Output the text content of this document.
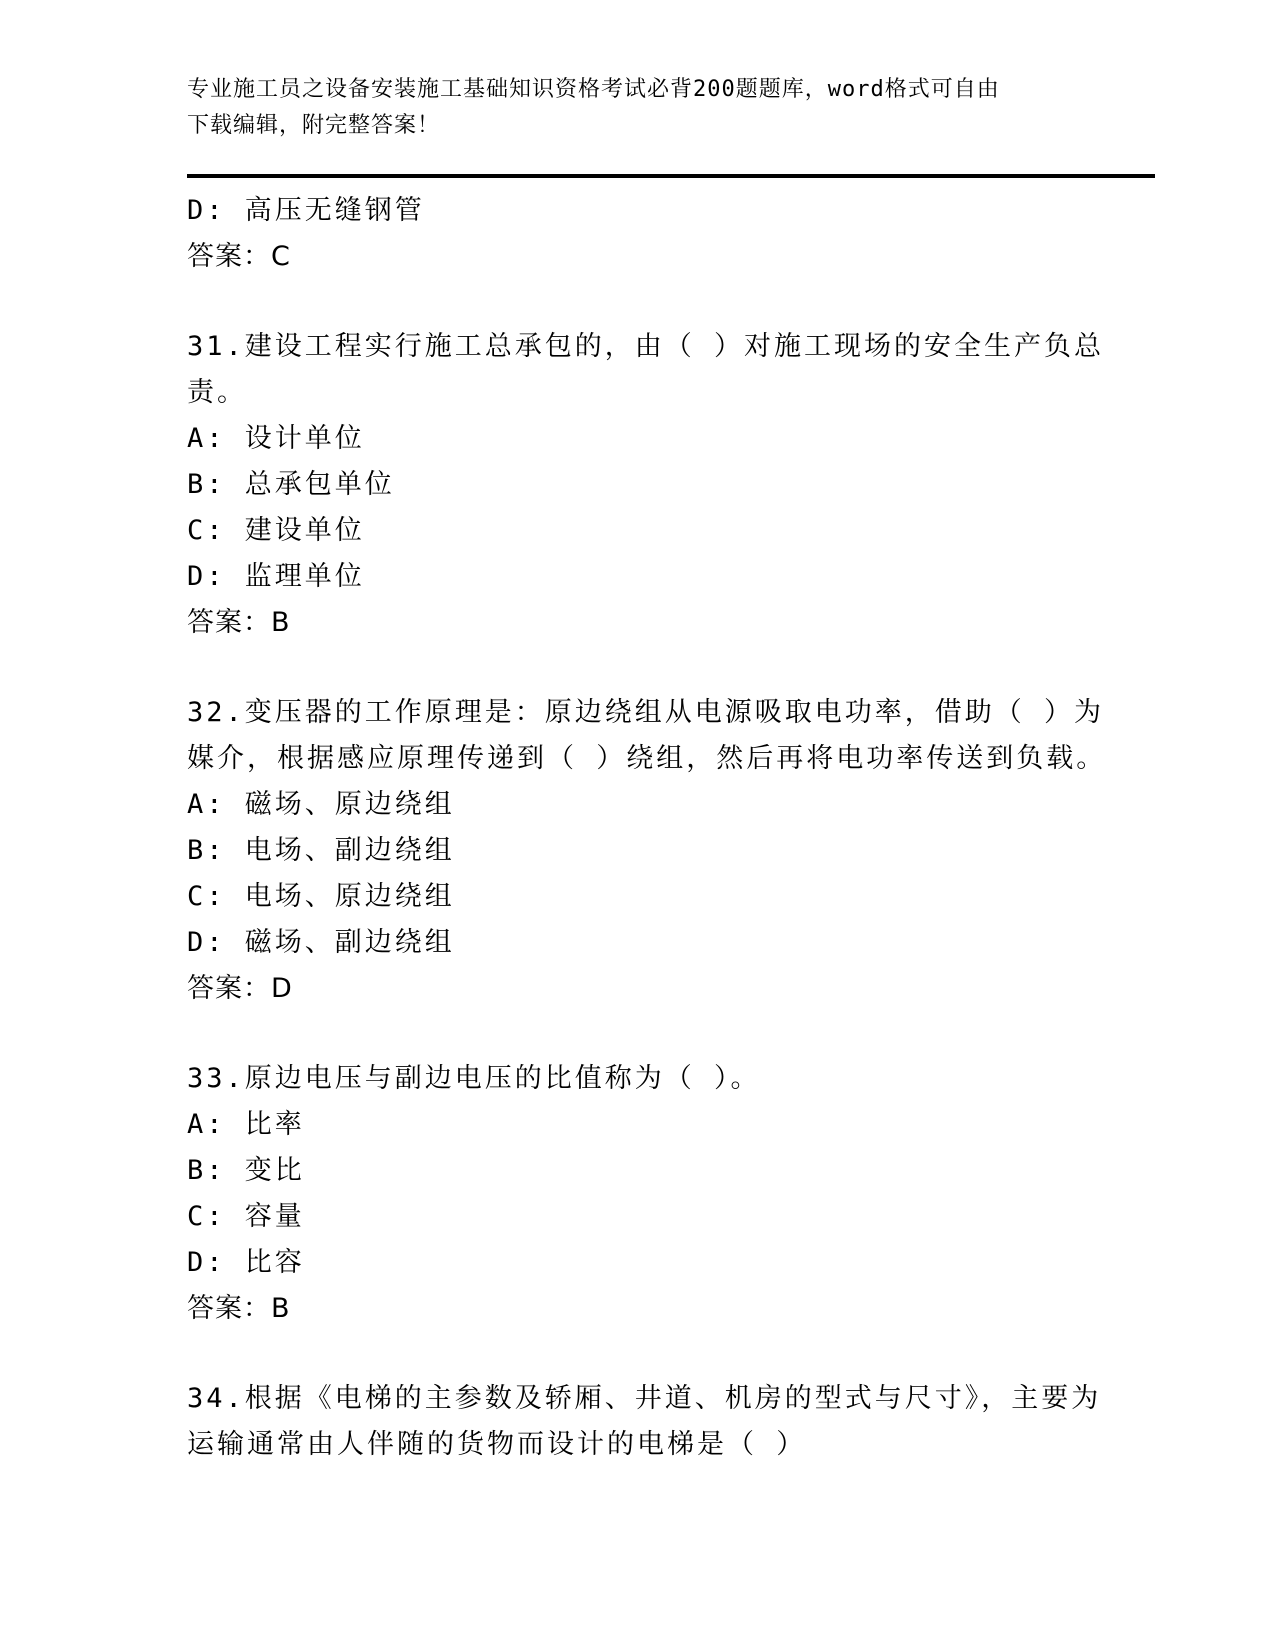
专业施工员之设备安装施工基础知识资格考试必背200题题库，word格式可自由
下载编辑，附完整答案！
D: 高压无缝钢管
答案：C
31.建设工程实行施工总承包的，由（ ）对施工现场的安全生产负总
责。
A: 设计单位
B: 总承包单位
C: 建设单位
D: 监理单位
答案：B
32.变压器的工作原理是：原边绕组从电源吸取电功率，借助（ ）为
媒介，根据感应原理传递到（ ）绕组，然后再将电功率传送到负载。
A: 磁场、原边绕组
B: 电场、副边绕组
C: 电场、原边绕组
D: 磁场、副边绕组
答案：D
33.原边电压与副边电压的比值称为（ ）。
A: 比率
B: 变比
C: 容量
D: 比容
答案：B
34.根据《电梯的主参数及轿厢、井道、机房的型式与尺寸》，主要为
运输通常由人伴随的货物而设计的电梯是（ ）
